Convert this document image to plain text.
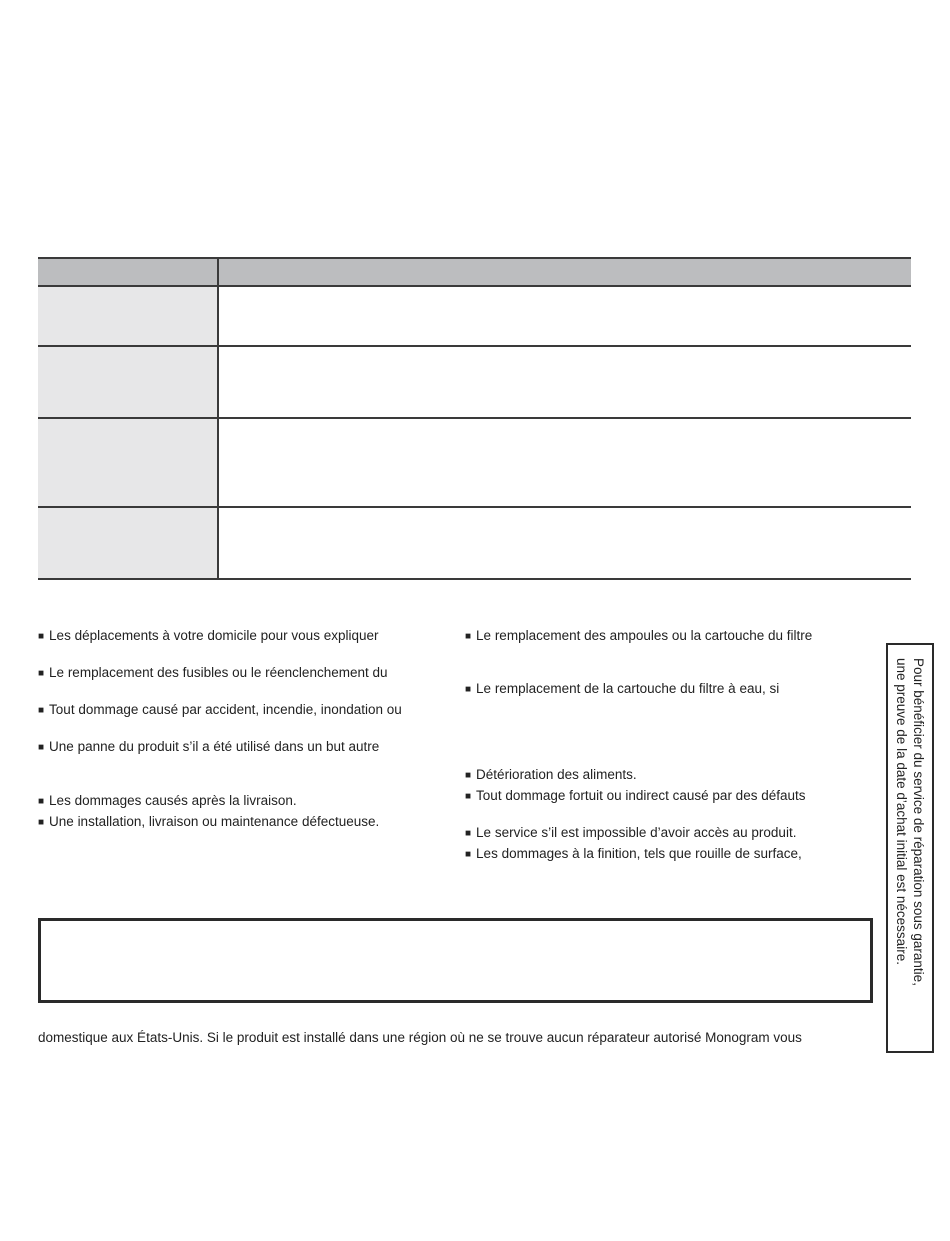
■ Les déplacements à votre domicile pour vous expliquer
■ Le remplacement des fusibles ou le réenclenchement du
■ Tout dommage causé par accident, incendie, inondation ou
■ Une panne du produit s’il a été utilisé dans un but autre
■ Les dommages causés après la livraison.
■ Une installation, livraison ou maintenance défectueuse.
■ Le remplacement des ampoules ou la cartouche du filtre
■ Le remplacement de la cartouche du filtre à eau, si
■ Détérioration des aliments.
■ Tout dommage fortuit ou indirect causé par des défauts
■ Le service s’il est impossible d’avoir accès au produit.
■ Les dommages à la finition, tels que rouille de surface,
domestique aux États-Unis. Si le produit est installé dans une région où ne se trouve aucun réparateur autorisé Monogram vous
Pour bénéficier du service de réparation sous garantie,
une preuve de la date d’achat initial est nécessaire.
